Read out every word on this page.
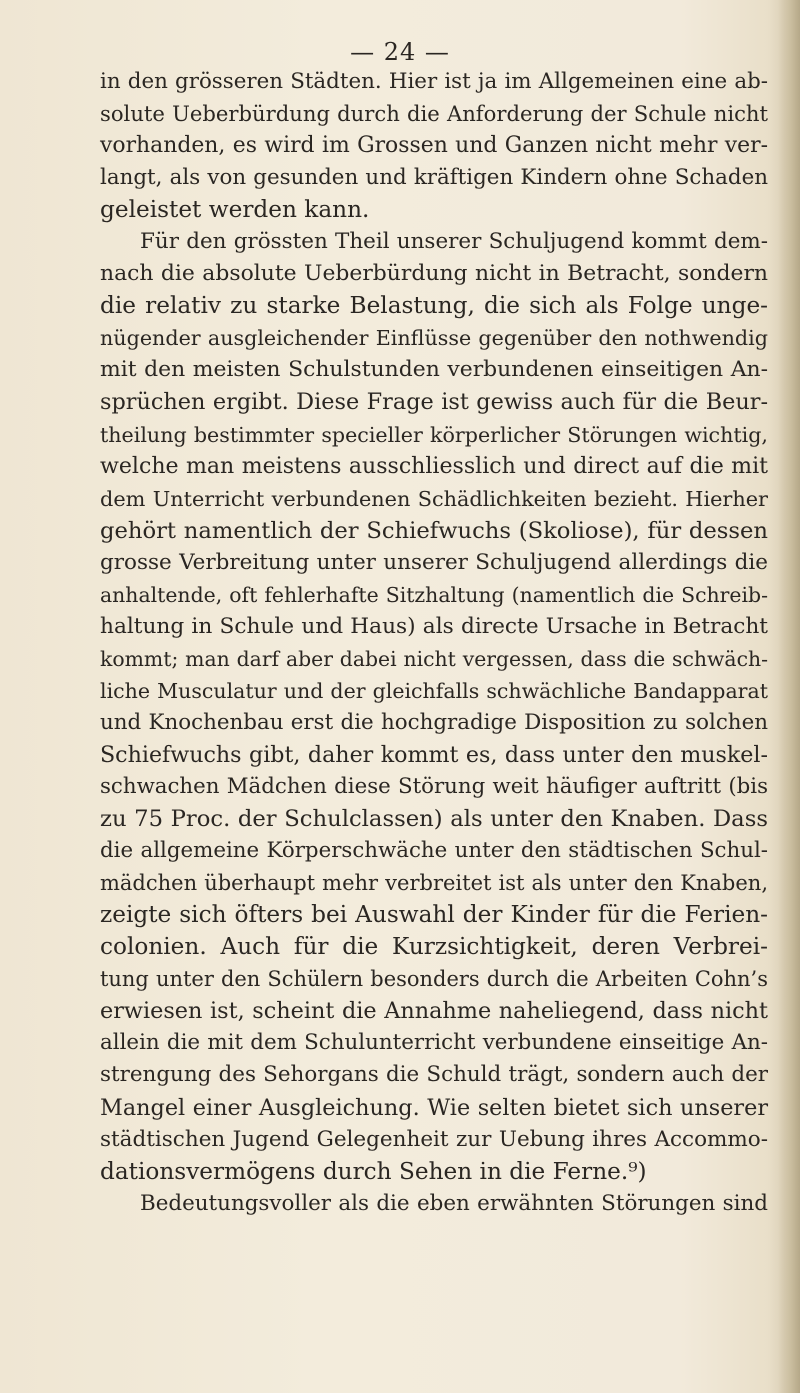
— 24 —
in den grösseren Städten. Hier ist ja im Allgemeinen eine ab-
solute Ueberbürdung durch die Anforderung der Schule nicht
vorhanden, es wird im Grossen und Ganzen nicht mehr ver-
langt, als von gesunden und kräftigen Kindern ohne Schaden
geleistet werden kann.
Für den grössten Theil unserer Schuljugend kommt dem-
nach die absolute Ueberbürdung nicht in Betracht, sondern
die relativ zu starke Belastung, die sich als Folge unge-
nügender ausgleichender Einflüsse gegenüber den nothwendig
mit den meisten Schulstunden verbundenen einseitigen An-
sprüchen ergibt. Diese Frage ist gewiss auch für die Beur-
theilung bestimmter specieller körperlicher Störungen wichtig,
welche man meistens ausschliesslich und direct auf die mit
dem Unterricht verbundenen Schädlichkeiten bezieht. Hierher
gehört namentlich der Schiefwuchs (Skoliose), für dessen
grosse Verbreitung unter unserer Schuljugend allerdings die
anhaltende, oft fehlerhafte Sitzhaltung (namentlich die Schreib-
haltung in Schule und Haus) als directe Ursache in Betracht
kommt; man darf aber dabei nicht vergessen, dass die schwäch-
liche Musculatur und der gleichfalls schwächliche Bandapparat
und Knochenbau erst die hochgradige Disposition zu solchen
Schiefwuchs gibt, daher kommt es, dass unter den muskel-
schwachen Mädchen diese Störung weit häufiger auftritt (bis
zu 75 Proc. der Schulclassen) als unter den Knaben. Dass
die allgemeine Körperschwäche unter den städtischen Schul-
mädchen überhaupt mehr verbreitet ist als unter den Knaben,
zeigte sich öfters bei Auswahl der Kinder für die Ferien-
colonien. Auch für die Kurzsichtigkeit, deren Verbrei-
tung unter den Schülern besonders durch die Arbeiten Cohn’s
erwiesen ist, scheint die Annahme naheliegend, dass nicht
allein die mit dem Schulunterricht verbundene einseitige An-
strengung des Sehorgans die Schuld trägt, sondern auch der
Mangel einer Ausgleichung. Wie selten bietet sich unserer
städtischen Jugend Gelegenheit zur Uebung ihres Accommo-
dationsvermögens durch Sehen in die Ferne.⁹)
Bedeutungsvoller als die eben erwähnten Störungen sind
